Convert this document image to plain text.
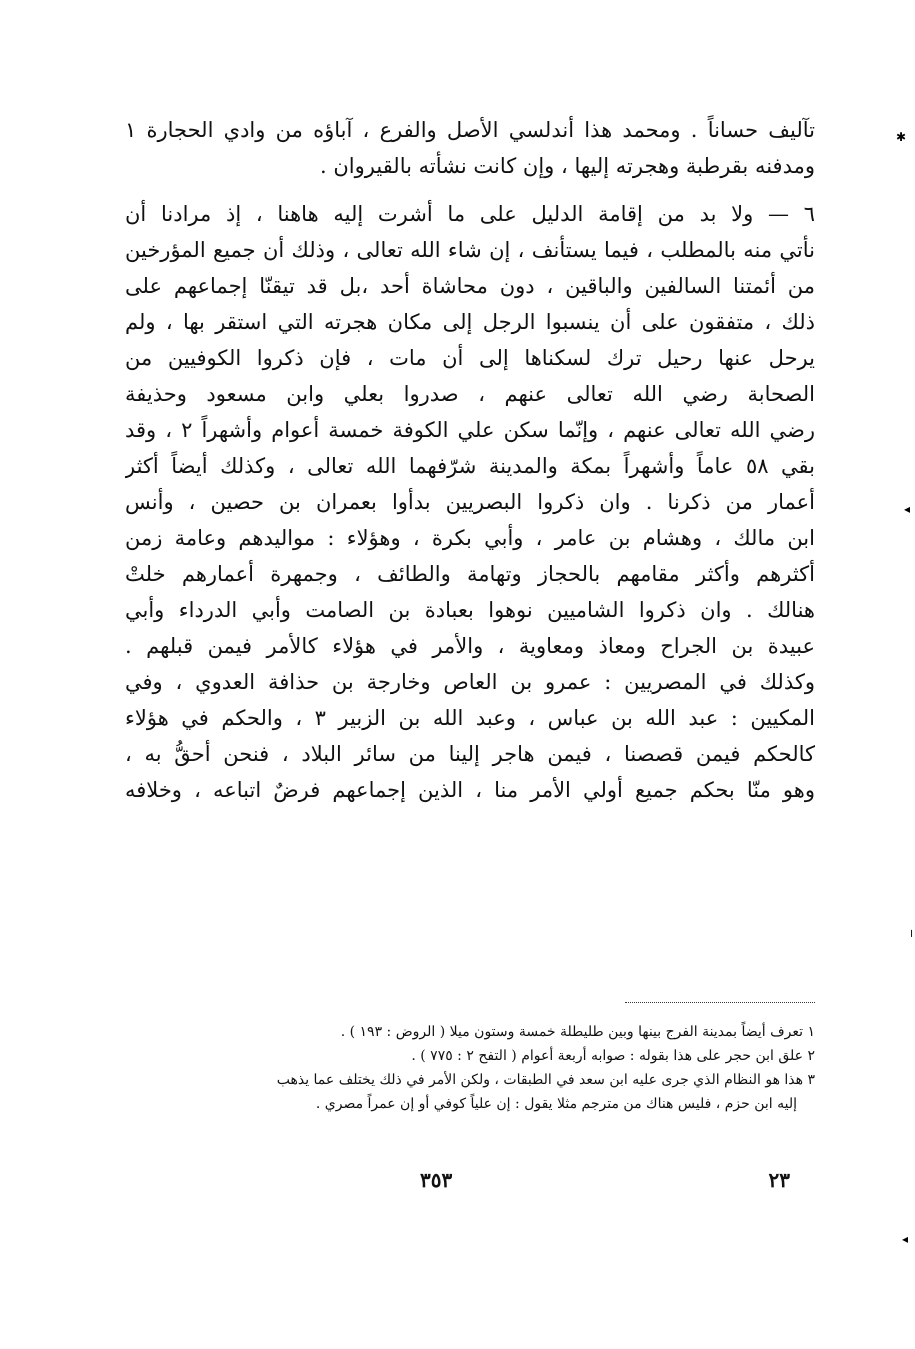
✱
◂
╵
◂
تآليف حساناً . ومحمد هذا أندلسي الأصل والفرع ، آباؤه من وادي الحجارة ١
ومدفنه بقرطبة وهجرته إليها ، وإن كانت نشأته بالقيروان .
٦ — ولا بد من إقامة الدليل على ما أشرت إليه هاهنا ، إذ مرادنا أن
نأتي منه بالمطلب ، فيما يستأنف ، إن شاء الله تعالى ، وذلك أن جميع المؤرخين
من أئمتنا السالفين والباقين ، دون محاشاة أحد ،بل قد تيقنّا إجماعهم على
ذلك ، متفقون على أن ينسبوا الرجل إلى مكان هجرته التي استقر بها ، ولم
يرحل عنها رحيل ترك لسكناها إلى أن مات ، فإن ذكروا الكوفيين من
الصحابة رضي الله تعالى عنهم ، صدروا بعلي وابن مسعود وحذيفة
رضي الله تعالى عنهم ، وإنّما سكن علي الكوفة خمسة أعوام وأشهراً ٢ ، وقد
بقي ٥٨ عاماً وأشهراً بمكة والمدينة شرّفهما الله تعالى ، وكذلك أيضاً أكثر
أعمار من ذكرنا . وان ذكروا البصريين بدأوا بعمران بن حصين ، وأنس
ابن مالك ، وهشام بن عامر ، وأبي بكرة ، وهؤلاء : مواليدهم وعامة زمن
أكثرهم وأكثر مقامهم بالحجاز وتهامة والطائف ، وجمهرة أعمارهم خلتْ
هنالك . وان ذكروا الشاميين نوهوا بعبادة بن الصامت وأبي الدرداء وأبي
عبيدة بن الجراح ومعاذ ومعاوية ، والأمر في هؤلاء كالأمر فيمن قبلهم .
وكذلك في المصريين : عمرو بن العاص وخارجة بن حذافة العدوي ، وفي
المكيين : عبد الله بن عباس ، وعبد الله بن الزبير ٣ ، والحكم في هؤلاء
كالحكم فيمن قصصنا ، فيمن هاجر إلينا من سائر البلاد ، فنحن أحقُّ به ،
وهو منّا بحكم جميع أولي الأمر منا ، الذين إجماعهم فرضٌ اتباعه ، وخلافه
١ تعرف أيضاً بمدينة الفرج بينها وبين طليطلة خمسة وستون ميلا ( الروض : ١٩٣ ) .
٢ علق ابن حجر على هذا بقوله : صوابه أربعة أعوام ( التفح ٢ : ٧٧٥ ) .
٣ هذا هو النظام الذي جرى عليه ابن سعد في الطبقات ، ولكن الأمر في ذلك يختلف عما يذهب
إليه ابن حزم ، فليس هناك من مترجم مثلا يقول : إن علياً كوفي أو إن عمراً مصري .
٢٣
٣٥٣
